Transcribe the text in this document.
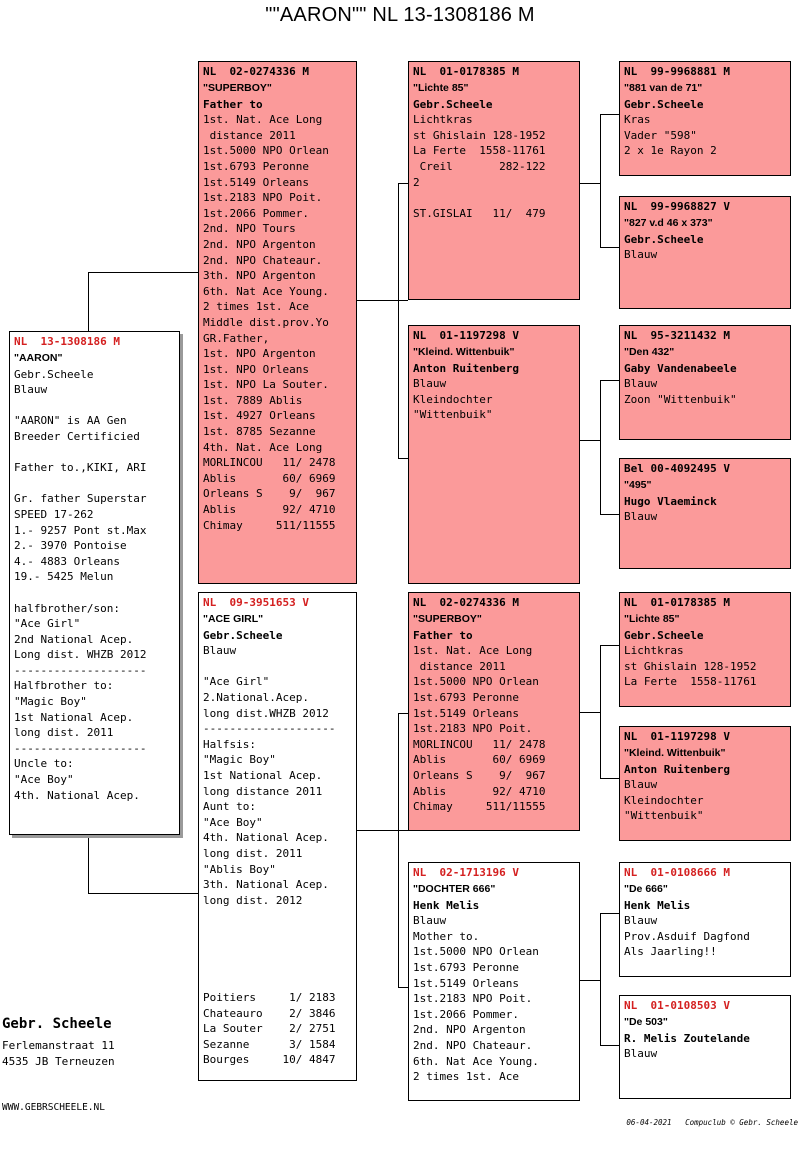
""AARON"" NL 13-1308186 M
NL  13-1308186 M
"AARON"
Gebr.Scheele
Blauw
"AARON" is AA Gen
Breeder Certificied
Father to.,KIKI, ARI
Gr. father Superstar
SPEED 17-262
1.- 9257 Pont st.Max
2.- 3970 Pontoise
4.- 4883 Orleans
19.- 5425 Melun
halfbrother/son:
"Ace Girl"
2nd National Acep.
Long dist. WHZB 2012
--------------------
Halfbrother to:
"Magic Boy"
1st National Acep.
long dist. 2011
--------------------
Uncle to:
"Ace Boy"
4th. National Acep.
NL  02-0274336 M
"SUPERBOY"
Father to
1st. Nat. Ace Long
distance 2011
1st.5000 NPO Orlean
1st.6793 Peronne
1st.5149 Orleans
1st.2183 NPO Poit.
1st.2066 Pommer.
2nd. NPO Tours
2nd. NPO Argenton
2nd. NPO Chateaur.
3th. NPO Argenton
6th. Nat Ace Young.
2 times 1st. Ace
Middle dist.prov.Yo
GR.Father,
1st. NPO Argenton
1st. NPO Orleans
1st. NPO La Souter.
1st. 7889 Ablis
1st. 4927 Orleans
1st. 8785 Sezanne
4th. Nat. Ace Long
MORLINCOU   11/ 2478
Ablis       60/ 6969
Orleans S    9/  967
Ablis       92/ 4710
Chimay     511/11555
NL  09-3951653 V
"ACE GIRL"
Gebr.Scheele
Blauw
"Ace Girl"
2.National.Acep.
long dist.WHZB 2012
--------------------
Halfsis:
"Magic Boy"
1st National Acep.
long distance 2011
Aunt to:
"Ace Boy"
4th. National Acep.
long dist. 2011
"Ablis Boy"
3th. National Acep.
long dist. 2012
Poitiers     1/ 2183
Chateauro    2/ 3846
La Souter    2/ 2751
Sezanne      3/ 1584
Bourges     10/ 4847
NL  01-0178385 M
"Lichte 85"
Gebr.Scheele
Lichtkras
st Ghislain 128-1952
La Ferte  1558-11761
Creil       282-122
2
ST.GISLAI   11/  479
NL  01-1197298 V
"Kleind. Wittenbuik"
Anton Ruitenberg
Blauw
Kleindochter
"Wittenbuik"
NL  02-0274336 M
"SUPERBOY"
Father to
1st. Nat. Ace Long
distance 2011
1st.5000 NPO Orlean
1st.6793 Peronne
1st.5149 Orleans
1st.2183 NPO Poit.
MORLINCOU   11/ 2478
Ablis       60/ 6969
Orleans S    9/  967
Ablis       92/ 4710
Chimay     511/11555
NL  02-1713196 V
"DOCHTER 666"
Henk Melis
Blauw
Mother to.
1st.5000 NPO Orlean
1st.6793 Peronne
1st.5149 Orleans
1st.2183 NPO Poit.
1st.2066 Pommer.
2nd. NPO Argenton
2nd. NPO Chateaur.
6th. Nat Ace Young.
2 times 1st. Ace
NL  99-9968881 M
"881 van de 71"
Gebr.Scheele
Kras
Vader "598"
2 x 1e Rayon 2
NL  99-9968827 V
"827 v.d 46 x 373"
Gebr.Scheele
Blauw
NL  95-3211432 M
"Den 432"
Gaby Vandenabeele
Blauw
Zoon "Wittenbuik"
Bel 00-4092495 V
"495"
Hugo Vlaeminck
Blauw
NL  01-0178385 M
"Lichte 85"
Gebr.Scheele
Lichtkras
st Ghislain 128-1952
La Ferte  1558-11761
NL  01-1197298 V
"Kleind. Wittenbuik"
Anton Ruitenberg
Blauw
Kleindochter
"Wittenbuik"
NL  01-0108666 M
"De 666"
Henk Melis
Blauw
Prov.Asduif Dagfond
Als Jaarling!!
NL  01-0108503 V
"De 503"
R. Melis Zoutelande
Blauw
Gebr. Scheele
Ferlemanstraat 11
4535 JB Terneuzen
WWW.GEBRSCHEELE.NL
06-04-2021   Compuclub © Gebr. Scheele
